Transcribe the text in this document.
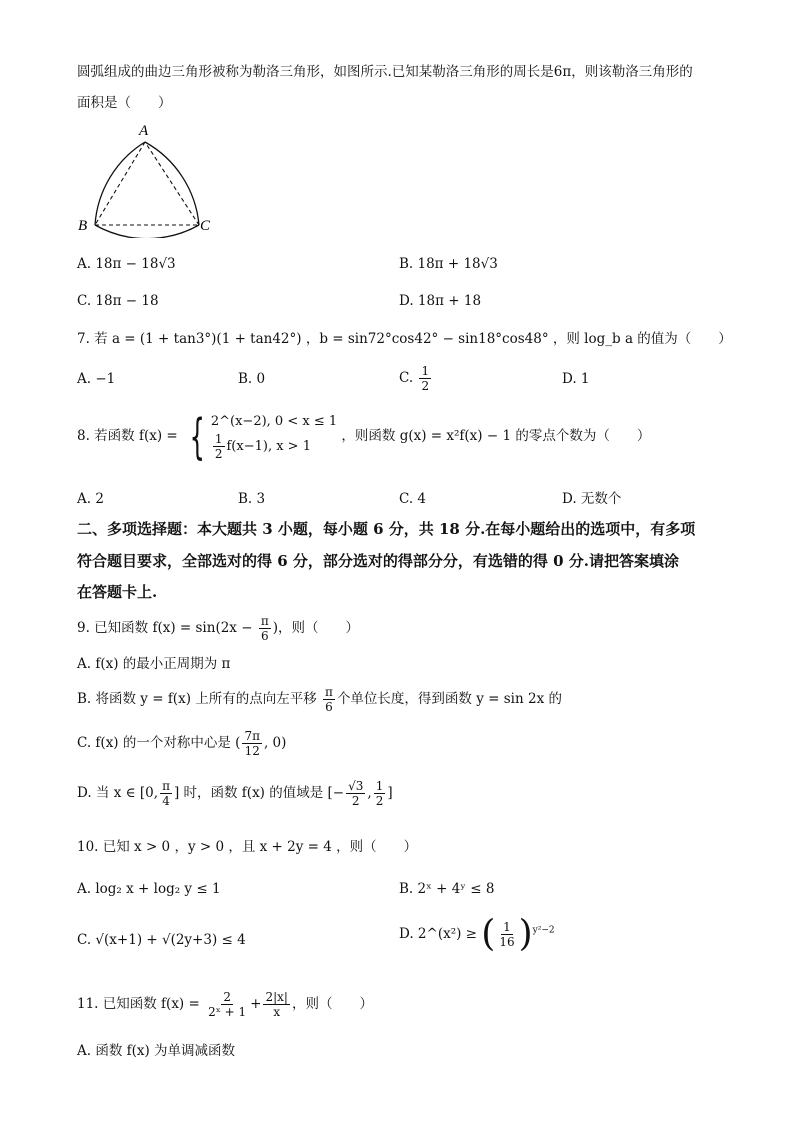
圆弧组成的曲边三角形被称为勒洛三角形，如图所示.已知某勒洛三角形的周长是6π，则该勒洛三角形的
面积是（　　）
A
B	C
A. 18π − 18√3	B. 18π + 18√3
C. 18π − 18	D. 18π + 18
7. 若 a = (1 + tan3°)(1 + tan42°) ，b = sin72°cos42° − sin18°cos48° ，则 log_b a 的值为（　　）
A. −1	B. 0	C. $\frac{1}{2}$	D. 1
8. 若函数 f(x) = { 2^(x−2), 0 < x ≤ 1
$\frac{1}{2} f(x-1)$, x > 1
，则函数 g(x) = x²f(x) − 1 的零点个数为（　　）
A. 2	B. 3	C. 4	D. 无数个
二、多项选择题：本大题共 3 小题，每小题 6 分，共 18 分.在每小题给出的选项中，有多项
符合题目要求，全部选对的得 6 分，部分选对的得部分分，有选错的得 0 分.请把答案填涂
在答题卡上.
9. 已知函数 $f(x) = \sin(2x - \frac{\pi}{6}$ )，则（　　）
A. f(x) 的最小正周期为 π
B. 将函数 y = f(x) 上所有的点向左平移 $\frac{\pi}{6}$ 个单位长度，得到函数 y = sin 2x 的
C. f(x) 的一个对称中心是 ( $\frac{7\pi}{12}$ , 0)
D. 当 x ∈ [0, $\frac{\pi}{4}$ ] 时，函数 f(x) 的值域是 [− $\frac{√3}{2}$ , $\frac{1}{2}$ ]
10. 已知 x > 0 ，y > 0 ，且 x + 2y = 4 ，则（　　）
A. log₂ x + log₂ y ≤ 1	B. 2ˣ + 4ʸ ≤ 8
C. √(x+1) + √(2y+3) ≤ 4	D. 2^(x²) ≥ ( $\frac{1}{16} )^{y^2-2}$
11. 已知函数 $f(x) = \frac{2}{\text{2ˣ + 1}} + \frac{2|x|}{x}$ ，则（　　）
A. 函数 f(x) 为单调减函数
